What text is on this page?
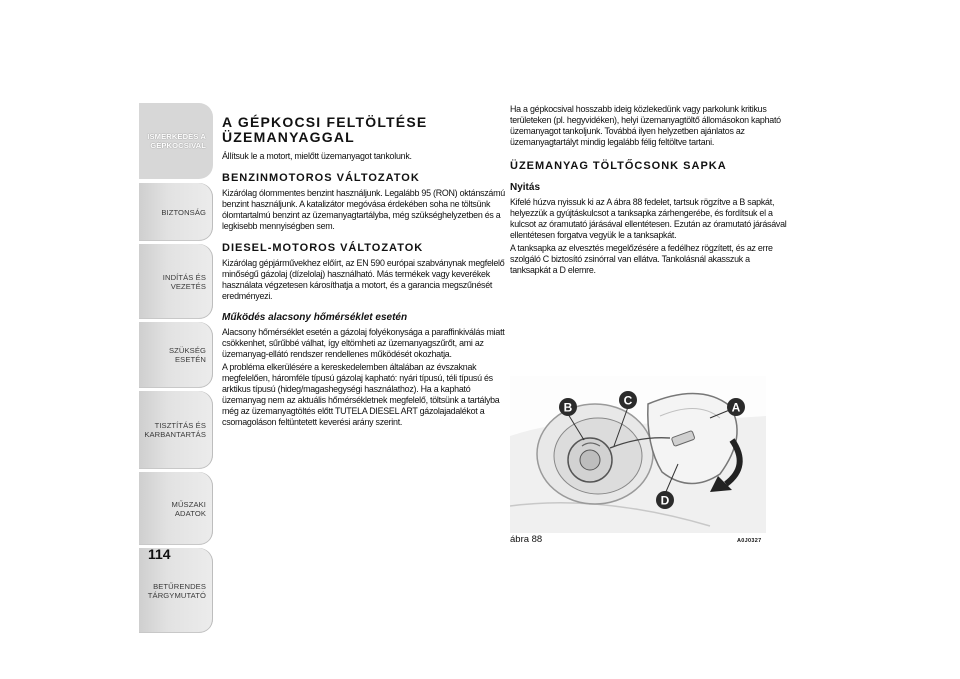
ISMERKEDÉS A
GÉPKOCSIVAL
BIZTONSÁG
INDÍTÁS ÉS VEZETÉS
SZÜKSÉG ESETÉN
TISZTÍTÁS ÉS
KARBANTARTÁS
MŰSZAKI ADATOK
BETŰRENDES
TÁRGYMUTATÓ
114
A GÉPKOCSI FELTÖLTÉSE ÜZEMANYAGGAL

Állítsuk le a motort, mielőtt üzemanyagot tankolunk.

BENZINMOTOROS VÁLTOZATOK

Kizárólag ólommentes benzint használjunk. Legalább 95 (RON) oktánszámú benzint használjunk. A katalizátor megóvása érdekében soha ne töltsünk ólomtartalmú benzint az üzemanyagtartályba, még szükséghelyzetben és a legkisebb mennyiségben sem.

DIESEL-MOTOROS VÁLTOZATOK

Kizárólag gépjárművekhez előírt, az EN 590 európai szabványnak megfelelő minőségű gázolaj (dízelolaj) használható. Más termékek vagy keverékek használata végzetesen károsíthatja a motort, és a garancia megszűnését eredményezi.

Működés alacsony hőmérséklet esetén

Alacsony hőmérséklet esetén a gázolaj folyékonysága a paraffinkiválás miatt csökkenhet, sűrűbbé válhat, így eltömheti az üzemanyagszűrőt, ami az üzemanyag-ellátó rendszer rendellenes működését okozhatja.

A probléma elkerülésére a kereskedelemben általában az évszaknak megfelelően, háromféle típusú gázolaj kapható: nyári típusú, téli típusú és arktikus típusú (hideg/magashegységi használathoz). Ha a kapható üzemanyag nem az aktuális hőmérsékletnek megfelelő, töltsünk a tartályba még az üzemanyagtöltés előtt TUTELA DIESEL ART gázolajadalékot a csomagoláson feltüntetett keverési arány szerint.

Ha a gépkocsival hosszabb ideig közlekedünk vagy parkolunk kritikus területeken (pl. hegyvidéken), helyi üzemanyagtöltő állomásokon kapható üzemanyagot tankoljunk. Továbbá ilyen helyzetben ajánlatos az üzemanyagtartályt mindig legalább félig feltöltve tartani.

ÜZEMANYAG TÖLTŐCSONK SAPKA
Nyitás

Kifelé húzva nyissuk ki az A ábra 88 fedelet, tartsuk rögzítve a B sapkát, helyezzük a gyújtáskulcsot a tanksapka zárhengerébe, és fordítsuk el a kulcsot az óramutató járásával ellentétesen. Ezután az óramutató járásával ellentétesen forgatva vegyük le a tanksapkát.

A tanksapka az elvesztés megelőzésére a fedélhez rögzített, és az erre szolgáló C biztosító zsinórral van ellátva. Tankolásnál akasszuk a tanksapkát a D elemre.

B	C	A
D
ábra 88	A0J0327
